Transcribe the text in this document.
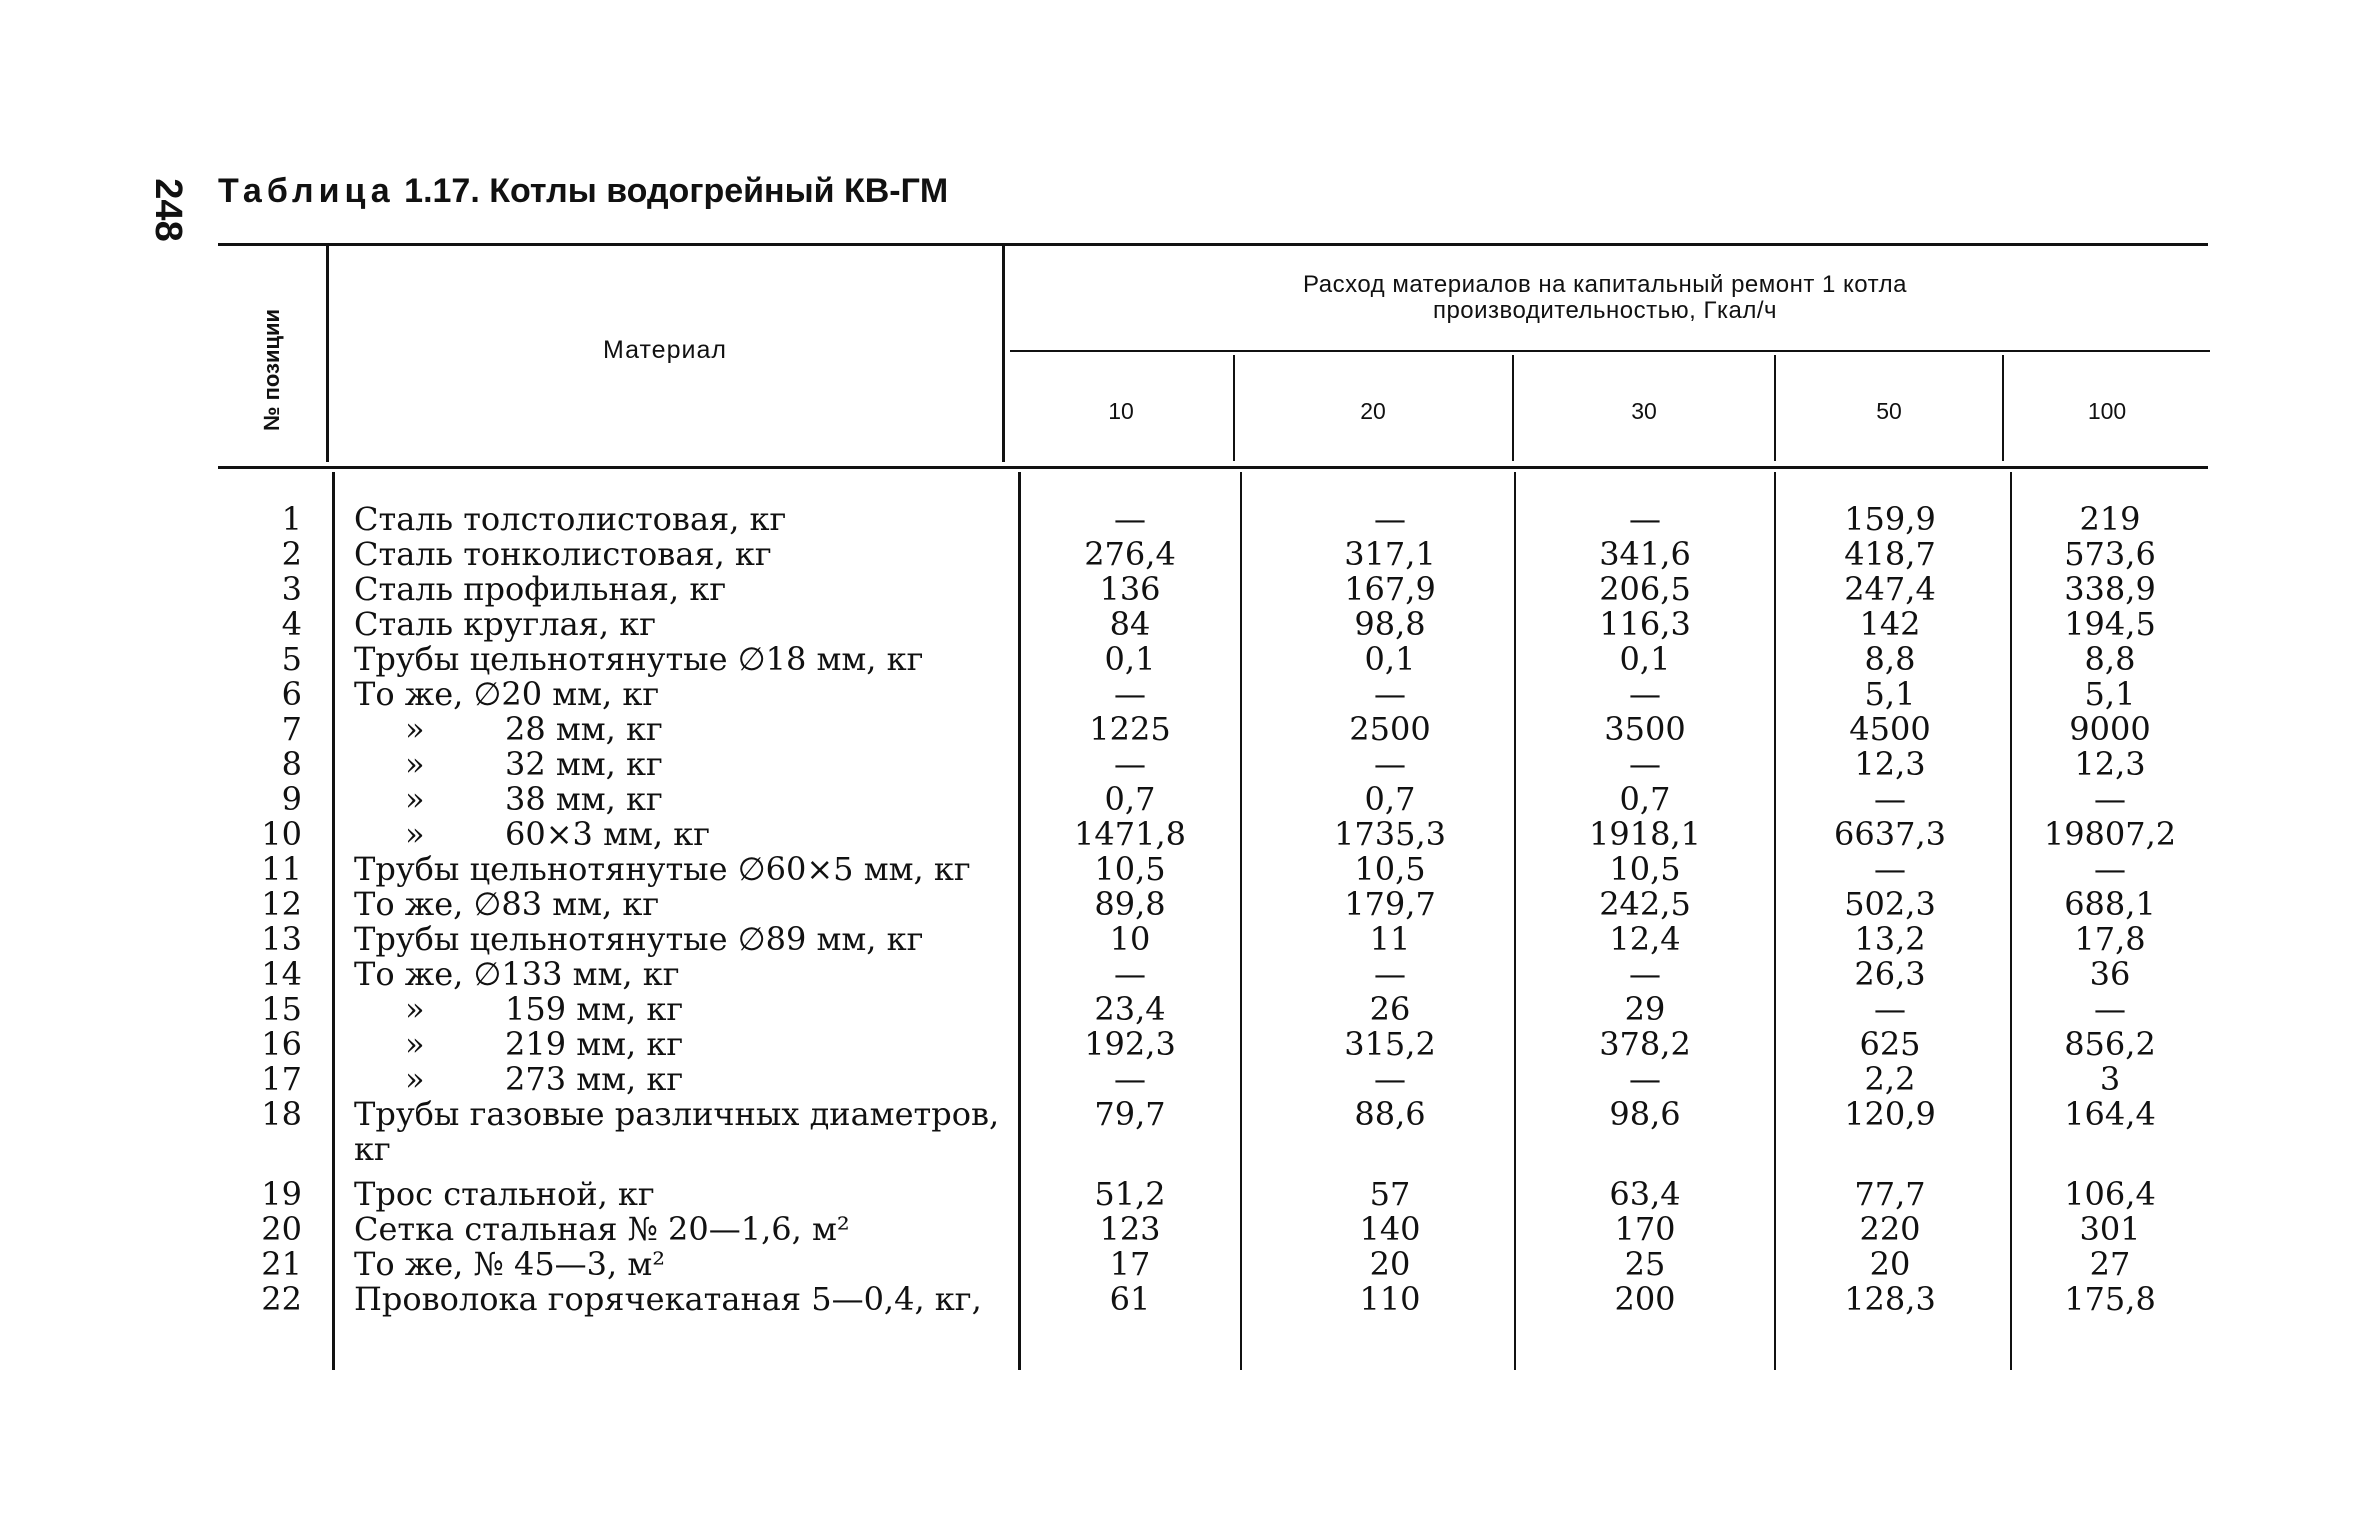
248 Таблица 1.17. Котлы водогрейный КВ-ГМ
№ позиции	Материал
Расход материалов на капитальный ремонт 1 котла
производительностью, Гкал/ч
10	20	30	50	100
1 Сталь толстолистовая, кг	—	—	—	159,9	219
2 Сталь тонколистовая, кг	276,4	317,1	341,6	418,7	573,6
3 Сталь профильная, кг	136	167,9	206,5	247,4	338,9
4 Сталь круглая, кг	84	98,8	116,3	142	194,5
5 Трубы цельнотянутые ∅18 мм, кг	0,1	0,1	0,1	8,8	8,8
6 То же, ∅20 мм, кг	—	—	—	5,1	5,1
7	»	28 мм, кг	1225	2500	3500	4500	9000
8	»	32 мм, кг	—	—	—	12,3	12,3
9	»	38 мм, кг	0,7	0,7	0,7	—	—
10	»	60×3 мм, кг	1471,8	1735,3	1918,1	6637,3	19807,2
11 Трубы цельнотянутые ∅60×5 мм, кг	10,5	10,5	10,5	—	—
12 То же, ∅83 мм, кг	89,8	179,7	242,5	502,3	688,1
13 Трубы цельнотянутые ∅89 мм, кг	10	11	12,4	13,2	17,8
14 То же, ∅133 мм, кг	—	—	—	26,3	36
15	»	159 мм, кг	23,4	26	29	—	—
16	»	219 мм, кг	192,3	315,2	378,2	625	856,2
17	»	273 мм, кг	—	—	—	2,2	3
18 Трубы газовые различных диаметров,	79,7	88,6	98,6	120,9	164,4
кг
19 Трос стальной, кг	51,2	57	63,4	77,7	106,4
20 Сетка стальная № 20—1,6, м²	123	140	170	220	301
21 То же, № 45—3, м²	17	20	25	20	27
22 Проволока горячекатаная 5—0,4, кг,	61	110	200	128,3	175,8
